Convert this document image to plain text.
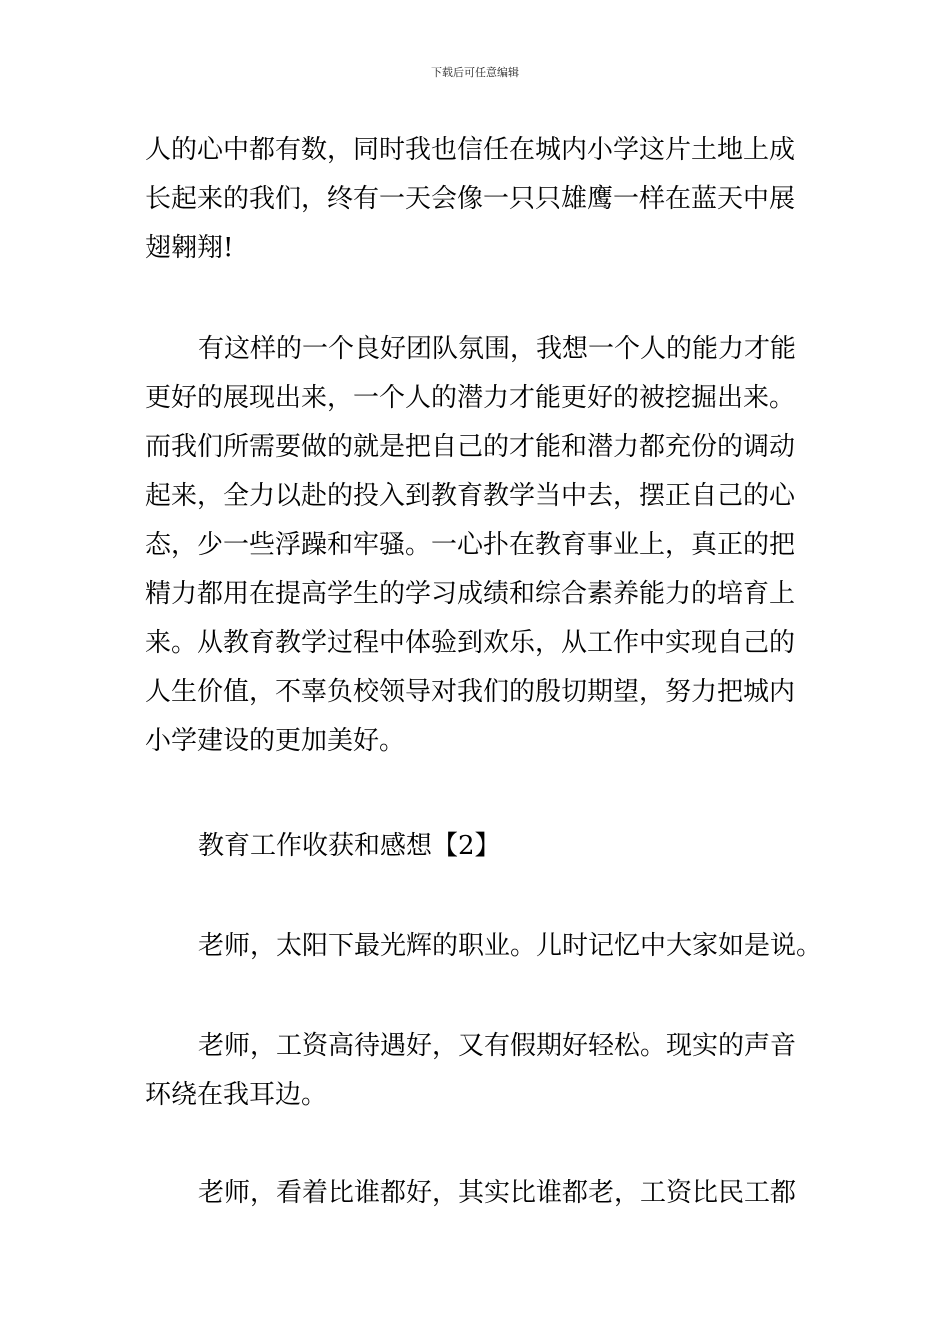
下载后可任意编辑
人的心中都有数，同时我也信任在城内小学这片土地上成
长起来的我们，终有一天会像一只只雄鹰一样在蓝天中展
翅翱翔!
有这样的一个良好团队氛围，我想一个人的能力才能
更好的展现出来，一个人的潜力才能更好的被挖掘出来。
而我们所需要做的就是把自己的才能和潜力都充份的调动
起来，全力以赴的投入到教育教学当中去，摆正自己的心
态，少一些浮躁和牢骚。一心扑在教育事业上，真正的把
精力都用在提高学生的学习成绩和综合素养能力的培育上
来。从教育教学过程中体验到欢乐，从工作中实现自己的
人生价值，不辜负校领导对我们的殷切期望，努力把城内
小学建设的更加美好。
教育工作收获和感想【2】
老师，太阳下最光辉的职业。儿时记忆中大家如是说。
老师，工资高待遇好，又有假期好轻松。现实的声音
环绕在我耳边。
老师，看着比谁都好，其实比谁都老，工资比民工都
